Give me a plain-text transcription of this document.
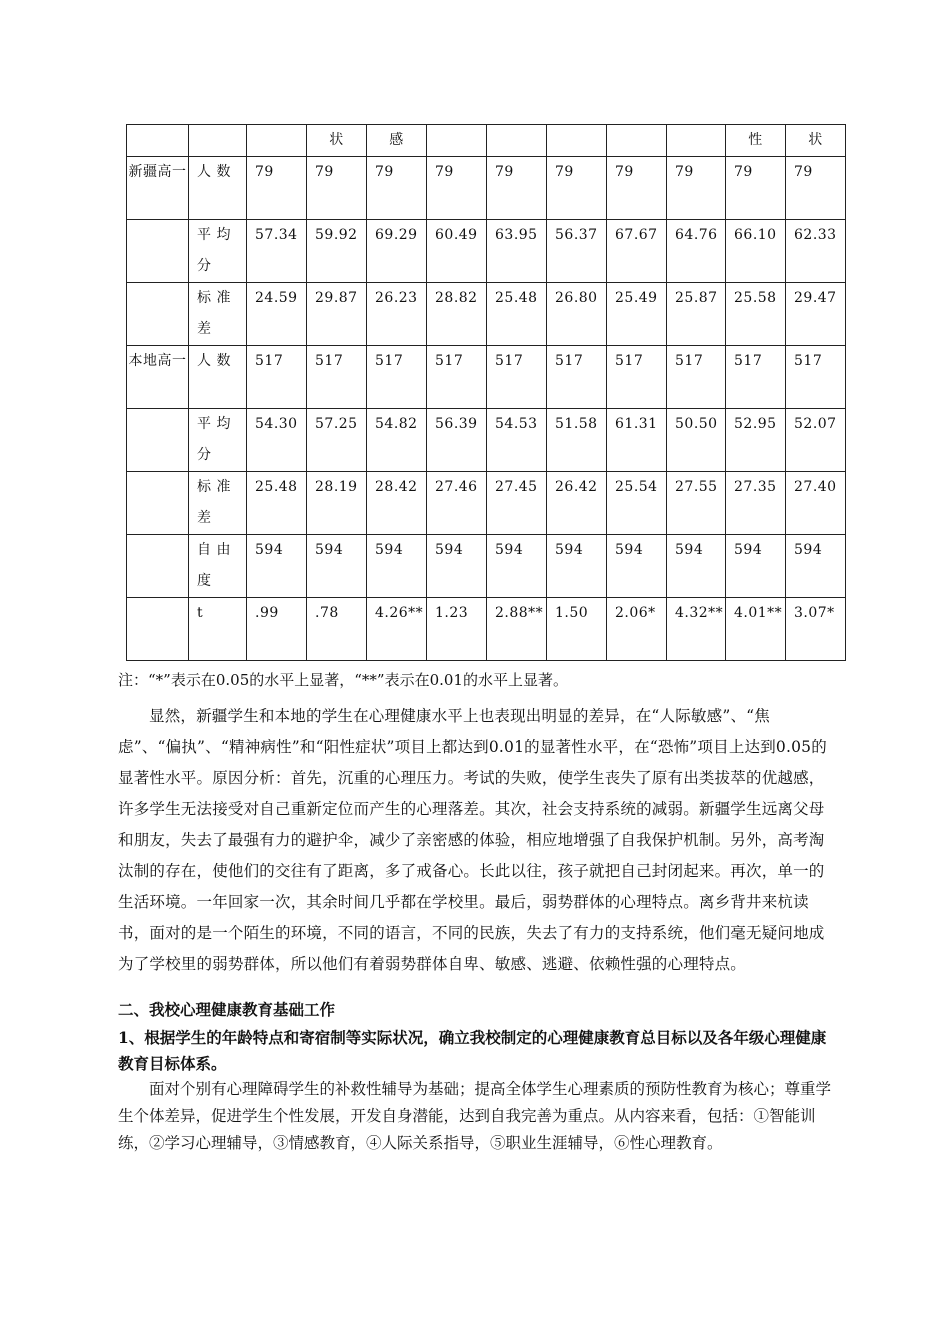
			状	感						性	状
新疆高一	人 数	79	79	79	79	79	79	79	79	79	79
	平 均 分	57.34	59.92	69.29	60.49	63.95	56.37	67.67	64.76	66.10	62.33
	标 准 差	24.59	29.87	26.23	28.82	25.48	26.80	25.49	25.87	25.58	29.47
本地高一	人 数	517	517	517	517	517	517	517	517	517	517
	平 均 分	54.30	57.25	54.82	56.39	54.53	51.58	61.31	50.50	52.95	52.07
	标 准 差	25.48	28.19	28.42	27.46	27.45	26.42	25.54	27.55	27.35	27.40
	自 由 度	594	594	594	594	594	594	594	594	594	594
	t	.99	.78	4.26**	1.23	2.88**	1.50	2.06*	4.32**	4.01**	3.07*
注：“*”表示在0.05的水平上显著，“**”表示在0.01的水平上显著。
显然，新疆学生和本地的学生在心理健康水平上也表现出明显的差异，在“人际敏感”、“焦虑”、“偏执”、“精神病性”和“阳性症状”项目上都达到0.01的显著性水平，在“恐怖”项目上达到0.05的显著性水平。原因分析：首先，沉重的心理压力。考试的失败，使学生丧失了原有出类拔萃的优越感，许多学生无法接受对自己重新定位而产生的心理落差。其次，社会支持系统的减弱。新疆学生远离父母和朋友，失去了最强有力的避护伞，减少了亲密感的体验，相应地增强了自我保护机制。另外，高考淘汰制的存在，使他们的交往有了距离，多了戒备心。长此以往，孩子就把自己封闭起来。再次，单一的生活环境。一年回家一次，其余时间几乎都在学校里。最后，弱势群体的心理特点。离乡背井来杭读书，面对的是一个陌生的环境，不同的语言，不同的民族，失去了有力的支持系统，他们毫无疑问地成为了学校里的弱势群体，所以他们有着弱势群体自卑、敏感、逃避、依赖性强的心理特点。
二、我校心理健康教育基础工作
1、根据学生的年龄特点和寄宿制等实际状况，确立我校制定的心理健康教育总目标以及各年级心理健康教育目标体系。
面对个别有心理障碍学生的补救性辅导为基础；提高全体学生心理素质的预防性教育为核心；尊重学生个体差异，促进学生个性发展，开发自身潜能，达到自我完善为重点。从内容来看，包括：①智能训练，②学习心理辅导，③情感教育，④人际关系指导，⑤职业生涯辅导，⑥性心理教育。
